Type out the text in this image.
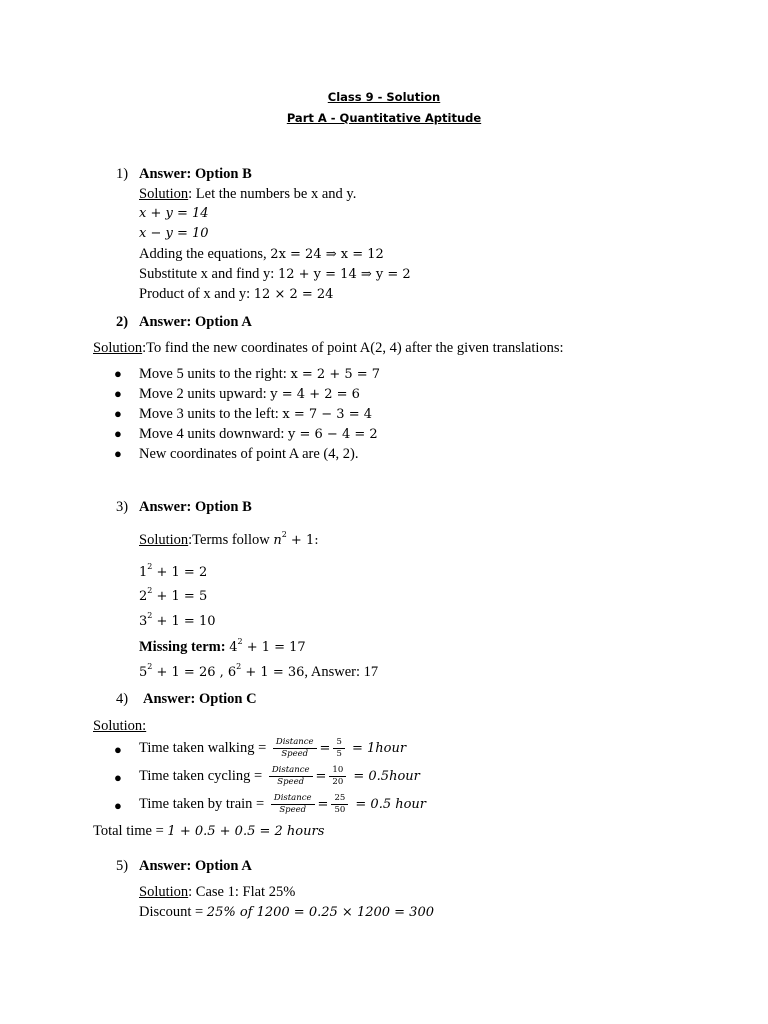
Class 9 - Solution
Part A - Quantitative Aptitude
1) Answer: Option B
Solution: Let the numbers be x and y.
x + y = 14
x − y = 10
Adding the equations, 2x = 24 ⇒ x = 12
Substitute x and find y: 12 + y = 14 ⇒ y = 2
Product of x and y: 12 × 2 = 24
2) Answer: Option A
Solution:To find the new coordinates of point A(2, 4) after the given translations:
● Move 5 units to the right: x = 2 + 5 = 7
● Move 2 units upward: y = 4 + 2 = 6
● Move 3 units to the left: x = 7 − 3 = 4
● Move 4 units downward: y = 6 − 4 = 2
● New coordinates of point A are (4, 2).
3) Answer: Option B
Solution:Terms follow $n^2 + 1$:
$1^2 + 1 = 2$
$2^2 + 1 = 5$
$3^2 + 1 = 10$
Missing term: $4^2 + 1 = 17$
$5^2 + 1 = 26$ , $6^2 + 1 = 36$, Answer: 17
4) Answer: Option C
Solution:
● Time taken walking = $\frac{\text{Distance}}{\text{Speed}} = \frac{5}{5}$ = 1hour
● Time taken cycling = $\frac{\text{Distance}}{\text{Speed}} = \frac{10}{20}$ = 0.5hour
● Time taken by train = $\frac{\text{Distance}}{\text{Speed}} = \frac{25}{50} = 0.5$ hour
Total time = 1 + 0.5 + 0.5 = 2 hours
5) Answer: Option A
Solution: Case 1: Flat 25%
Discount = 25% of 1200 = 0.25 × 1200 = 300
